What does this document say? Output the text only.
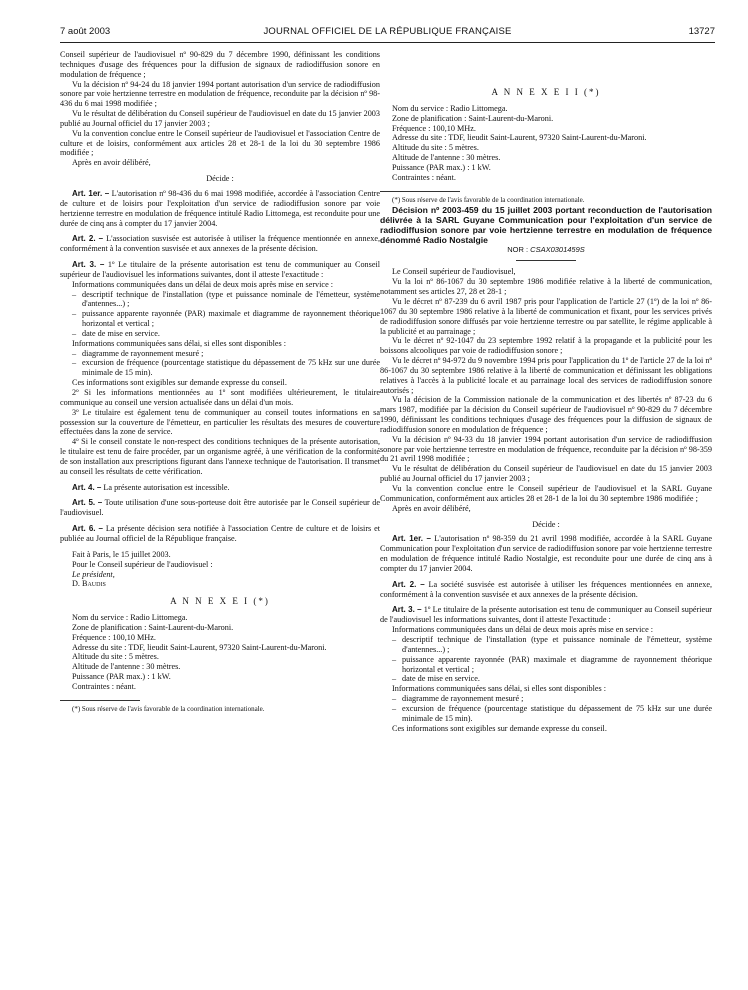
7 août 2003	JOURNAL OFFICIEL DE LA RÉPUBLIQUE FRANÇAISE	13727

Conseil supérieur de l'audiovisuel nº 90-829 du 7 décembre 1990, définissant les conditions techniques d'usage des fréquences pour la diffusion de signaux de radiodiffusion sonore en modulation de fréquence ;

Vu la décision nº 94-24 du 18 janvier 1994 portant autorisation d'un service de radiodiffusion sonore par voie hertzienne terrestre en modulation de fréquence, reconduite par la décision nº 98-436 du 6 mai 1998 modifiée ;

Vu le résultat de délibération du Conseil supérieur de l'audiovisuel en date du 15 janvier 2003 publié au Journal officiel du 17 janvier 2003 ;

Vu la convention conclue entre le Conseil supérieur de l'audiovisuel et l'association Centre de culture et de loisirs, conformément aux articles 28 et 28-1 de la loi du 30 septembre 1986 modifiée ;

Après en avoir délibéré,

Décide :

Art. 1er. – L'autorisation nº 98-436 du 6 mai 1998 modifiée, accordée à l'association Centre de culture et de loisirs pour l'exploitation d'un service de radiodiffusion sonore par voie hertzienne terrestre en modulation de fréquence intitulé Radio Littomega, est reconduite pour une durée de cinq ans à compter du 17 janvier 2004.

Art. 2. – L'association susvisée est autorisée à utiliser la fréquence mentionnée en annexe, conformément à la convention susvisée et aux annexes de la présente décision.

Art. 3. – 1º Le titulaire de la présente autorisation est tenu de communiquer au Conseil supérieur de l'audiovisuel les informations suivantes, dont il atteste l'exactitude :

Informations communiquées dans un délai de deux mois après mise en service :

– descriptif technique de l'installation (type et puissance nominale de l'émetteur, système d'antennes...) ;

– puissance apparente rayonnée (PAR) maximale et diagramme de rayonnement théorique horizontal et vertical ;

– date de mise en service.

Informations communiquées sans délai, si elles sont disponibles :

– diagramme de rayonnement mesuré ;

– excursion de fréquence (pourcentage statistique du dépassement de 75 kHz sur une durée minimale de 15 min).

Ces informations sont exigibles sur demande expresse du conseil.

2º Si les informations mentionnées au 1º sont modifiées ultérieurement, le titulaire communique au conseil une version actualisée dans un délai d'un mois.

3º Le titulaire est également tenu de communiquer au conseil toutes informations en sa possession sur la couverture de l'émetteur, en particulier les résultats des mesures de couverture effectuées dans la zone de service.

4º Si le conseil constate le non-respect des conditions techniques de la présente autorisation, le titulaire est tenu de faire procéder, par un organisme agréé, à une vérification de la conformité de son installation aux prescriptions figurant dans l'annexe technique de l'autorisation. Il transmet au conseil les résultats de cette vérification.

Art. 4. – La présente autorisation est incessible.

Art. 5. – Toute utilisation d'une sous-porteuse doit être autorisée par le Conseil supérieur de l'audiovisuel.

Art. 6. – La présente décision sera notifiée à l'association Centre de culture et de loisirs et publiée au Journal officiel de la République française.

Fait à Paris, le 15 juillet 2003.

Pour le Conseil supérieur de l'audiovisuel :

Le président,

D. Baudis

A N N E X E I (*)

Nom du service : Radio Littomega.

Zone de planification : Saint-Laurent-du-Maroni.

Fréquence : 100,10 MHz.

Adresse du site : TDF, lieudit Saint-Laurent, 97320 Saint-Laurent-du-Maroni.

Altitude du site : 5 mètres.

Altitude de l'antenne : 30 mètres.

Puissance (PAR max.) : 1 kW.

Contraintes : néant.

(*) Sous réserve de l'avis favorable de la coordination internationale.

A N N E X E I I (*)

Nom du service : Radio Littomega.

Zone de planification : Saint-Laurent-du-Maroni.

Fréquence : 100,10 MHz.

Adresse du site : TDF, lieudit Saint-Laurent, 97320 Saint-Laurent-du-Maroni.

Altitude du site : 5 mètres.

Altitude de l'antenne : 30 mètres.

Puissance (PAR max.) : 1 kW.

Contraintes : néant.

(*) Sous réserve de l'avis favorable de la coordination internationale.

Décision nº 2003-459 du 15 juillet 2003 portant reconduction de l'autorisation délivrée à la SARL Guyane Communication pour l'exploitation d'un service de radiodiffusion sonore par voie hertzienne terrestre en modulation de fréquence dénommé Radio Nostalgie

NOR : CSAX0301459S

Le Conseil supérieur de l'audiovisuel,

Vu la loi nº 86-1067 du 30 septembre 1986 modifiée relative à la liberté de communication, notamment ses articles 27, 28 et 28-1 ;

Vu le décret nº 87-239 du 6 avril 1987 pris pour l'application de l'article 27 (1º) de la loi nº 86-1067 du 30 septembre 1986 relative à la liberté de communication et fixant, pour les services privés de radiodiffusion sonore diffusés par voie hertzienne terrestre ou par satellite, le régime applicable à la publicité et au parrainage ;

Vu le décret nº 92-1047 du 23 septembre 1992 relatif à la propagande et la publicité pour les boissons alcooliques par voie de radiodiffusion sonore ;

Vu le décret nº 94-972 du 9 novembre 1994 pris pour l'application du 1º de l'article 27 de la loi nº 86-1067 du 30 septembre 1986 relative à la liberté de communication et définissant les obligations relatives à l'accès à la publicité locale et au parrainage local des services de radiodiffusion sonore autorisés ;

Vu la décision de la Commission nationale de la communication et des libertés nº 87-23 du 6 mars 1987, modifiée par la décision du Conseil supérieur de l'audiovisuel nº 90-829 du 7 décembre 1990, définissant les conditions techniques d'usage des fréquences pour la diffusion de signaux de radiodiffusion sonore en modulation de fréquence ;

Vu la décision nº 94-33 du 18 janvier 1994 portant autorisation d'un service de radiodiffusion sonore par voie hertzienne terrestre en modulation de fréquence, reconduite par la décision nº 98-359 du 21 avril 1998 modifiée ;

Vu le résultat de délibération du Conseil supérieur de l'audiovisuel en date du 15 janvier 2003 publié au Journal officiel du 17 janvier 2003 ;

Vu la convention conclue entre le Conseil supérieur de l'audiovisuel et la SARL Guyane Communication, conformément aux articles 28 et 28-1 de la loi du 30 septembre 1986 modifiée ;

Après en avoir délibéré,

Décide :

Art. 1er. – L'autorisation nº 98-359 du 21 avril 1998 modifiée, accordée à la SARL Guyane Communication pour l'exploitation d'un service de radiodiffusion sonore par voie hertzienne terrestre en modulation de fréquence intitulé Radio Nostalgie, est reconduite pour une durée de cinq ans à compter du 17 janvier 2004.

Art. 2. – La société susvisée est autorisée à utiliser les fréquences mentionnées en annexe, conformément à la convention susvisée et aux annexes de la présente décision.

Art. 3. – 1º Le titulaire de la présente autorisation est tenu de communiquer au Conseil supérieur de l'audiovisuel les informations suivantes, dont il atteste l'exactitude :

Informations communiquées dans un délai de deux mois après mise en service :

– descriptif technique de l'installation (type et puissance nominale de l'émetteur, système d'antennes...) ;

– puissance apparente rayonnée (PAR) maximale et diagramme de rayonnement théorique horizontal et vertical ;

– date de mise en service.

Informations communiquées sans délai, si elles sont disponibles :

– diagramme de rayonnement mesuré ;

– excursion de fréquence (pourcentage statistique du dépassement de 75 kHz sur une durée minimale de 15 min).

Ces informations sont exigibles sur demande expresse du conseil.
